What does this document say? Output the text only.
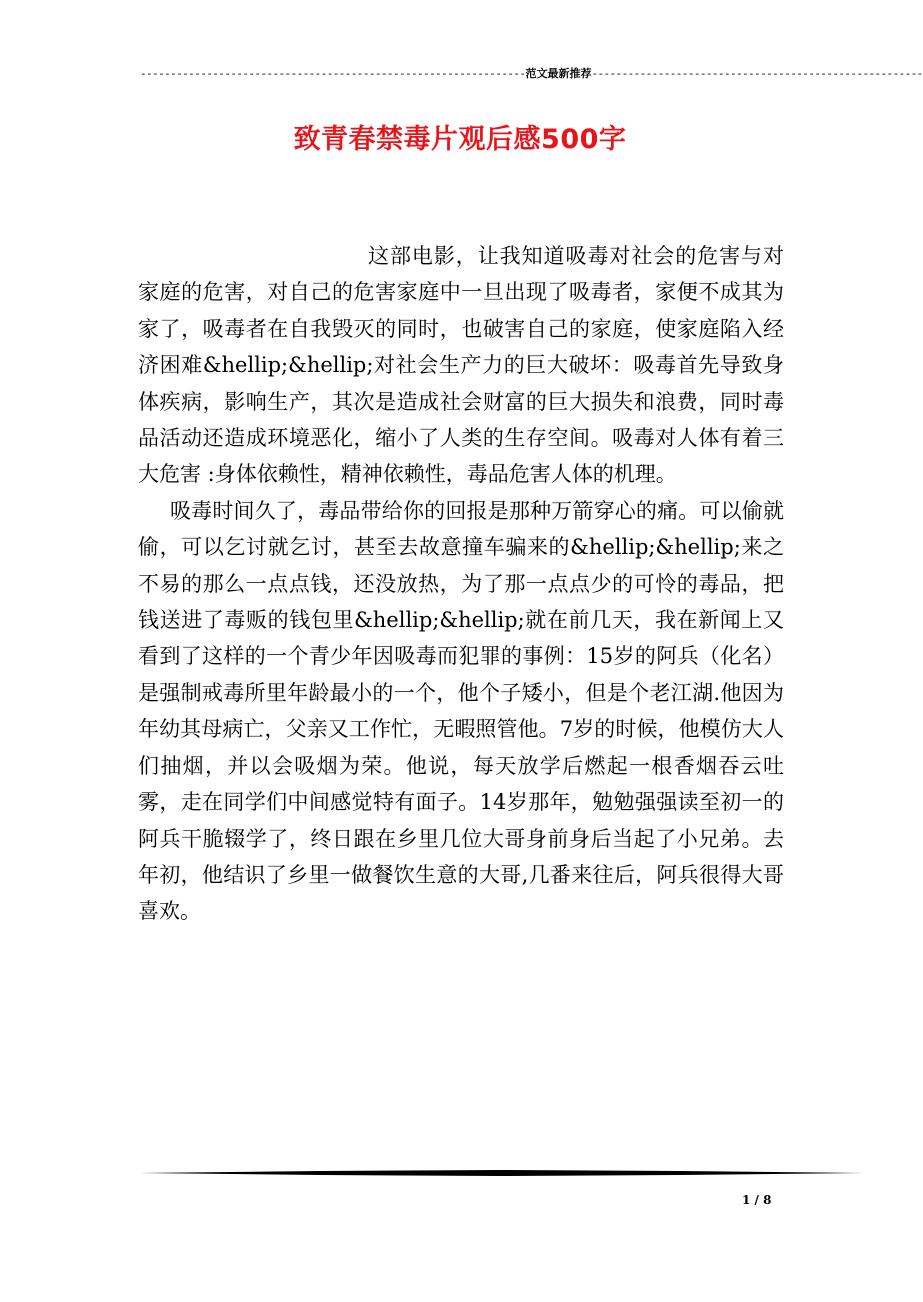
----------------------------------------------------------------范文最新推荐-------------------------------------------------------
致青春禁毒片观后感500字

这部电影，让我知道吸毒对社会的危害与对家庭的危害，对自己的危害家庭中一旦出现了吸毒者，家便不成其为家了，吸毒者在自我毁灭的同时，也破害自己的家庭，使家庭陷入经济困难&hellip;&hellip;对社会生产力的巨大破坏：吸毒首先导致身体疾病，影响生产，其次是造成社会财富的巨大损失和浪费，同时毒品活动还造成环境恶化，缩小了人类的生存空间。吸毒对人体有着三大危害 :身体依赖性，精神依赖性，毒品危害人体的机理。

吸毒时间久了，毒品带给你的回报是那种万箭穿心的痛。可以偷就偷，可以乞讨就乞讨，甚至去故意撞车骗来的&hellip;&hellip;来之不易的那么一点点钱，还没放热，为了那一点点少的可怜的毒品，把钱送进了毒贩的钱包里&hellip;&hellip;就在前几天，我在新闻上又看到了这样的一个青少年因吸毒而犯罪的事例：15岁的阿兵（化名）是强制戒毒所里年龄最小的一个，他个子矮小，但是个老江湖.他因为年幼其母病亡，父亲又工作忙，无暇照管他。7岁的时候，他模仿大人们抽烟，并以会吸烟为荣。他说，每天放学后燃起一根香烟吞云吐雾，走在同学们中间感觉特有面子。14岁那年，勉勉强强读至初一的阿兵干脆辍学了，终日跟在乡里几位大哥身前身后当起了小兄弟。去年初，他结识了乡里一做餐饮生意的大哥,几番来往后，阿兵很得大哥喜欢。

1 / 8
